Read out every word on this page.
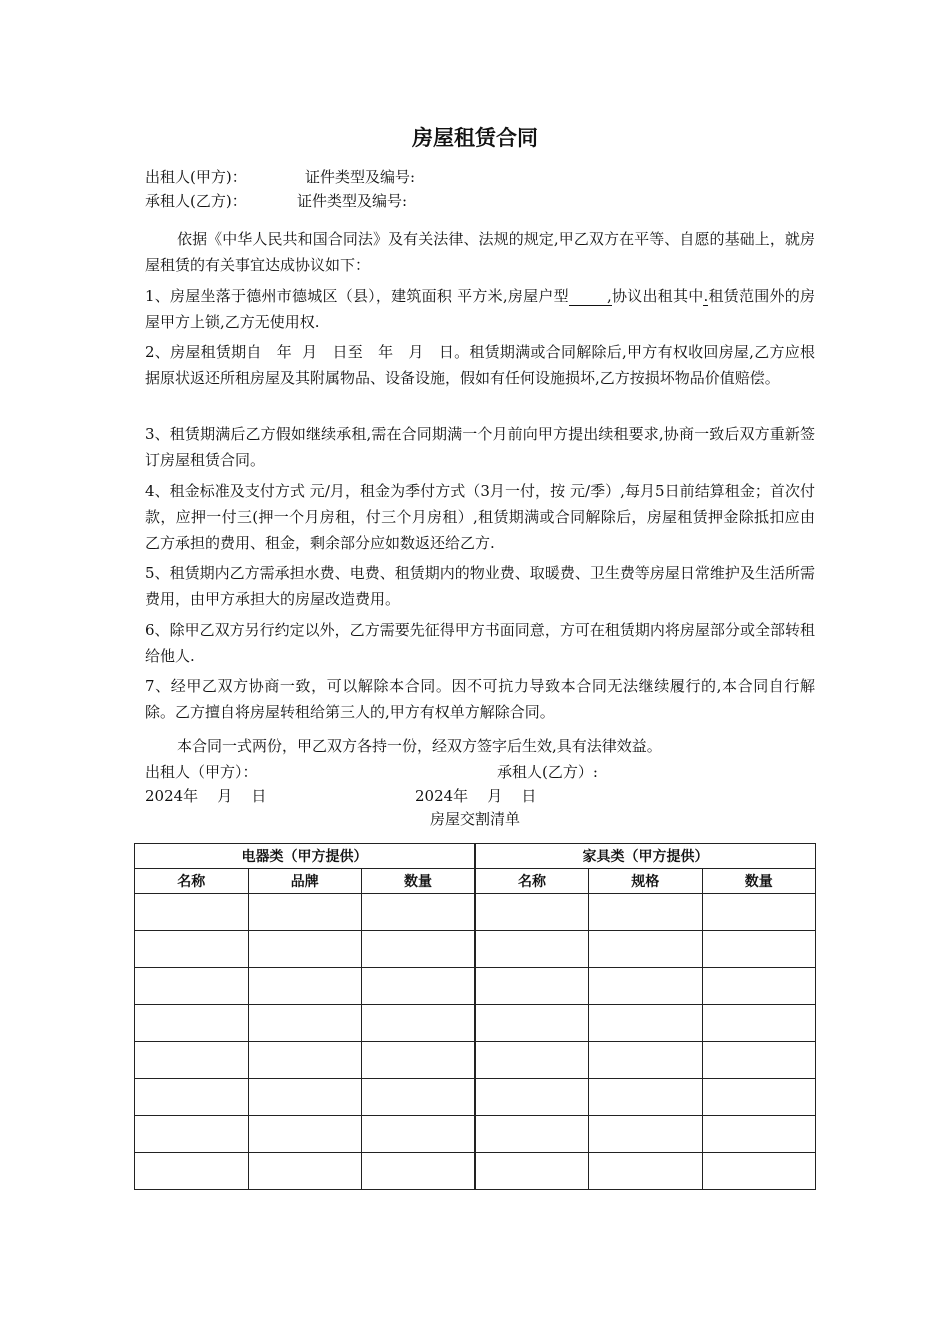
房屋租赁合同
出租人(甲方)：	证件类型及编号:
承租人(乙方)：	证件类型及编号:
依据《中华人民共和国合同法》及有关法律、法规的规定,甲乙双方在平等、自愿的基础上，就房屋租赁的有关事宜达成协议如下：
1、房屋坐落于德州市德城区（县），建筑面积 平方米,房屋户型        ,协议出租其中.租赁范围外的房屋甲方上锁,乙方无使用权.
2、房屋租赁期自   年  月   日至   年   月   日。租赁期满或合同解除后,甲方有权收回房屋,乙方应根据原状返还所租房屋及其附属物品、设备设施，假如有任何设施损坏,乙方按损坏物品价值赔偿。
3、租赁期满后乙方假如继续承租,需在合同期满一个月前向甲方提出续租要求,协商一致后双方重新签订房屋租赁合同。
4、租金标准及支付方式 元/月，租金为季付方式（3月一付，按 元/季）,每月5日前结算租金；首次付款，应押一付三(押一个月房租，付三个月房租）,租赁期满或合同解除后，房屋租赁押金除抵扣应由乙方承担的费用、租金，剩余部分应如数返还给乙方.
5、租赁期内乙方需承担水费、电费、租赁期内的物业费、取暖费、卫生费等房屋日常维护及生活所需费用，由甲方承担大的房屋改造费用。
6、除甲乙双方另行约定以外，乙方需要先征得甲方书面同意，方可在租赁期内将房屋部分或全部转租给他人.
7、经甲乙双方协商一致，可以解除本合同。因不可抗力导致本合同无法继续履行的,本合同自行解除。乙方擅自将房屋转租给第三人的,甲方有权单方解除合同。
本合同一式两份，甲乙双方各持一份，经双方签字后生效,具有法律效益。
出租人（甲方）：	承租人(乙方）:
2024年    月    日	2024年    月    日
房屋交割清单
电器类（甲方提供）			家具类（甲方提供）		
名称	品牌	数量	名称	规格	数量
